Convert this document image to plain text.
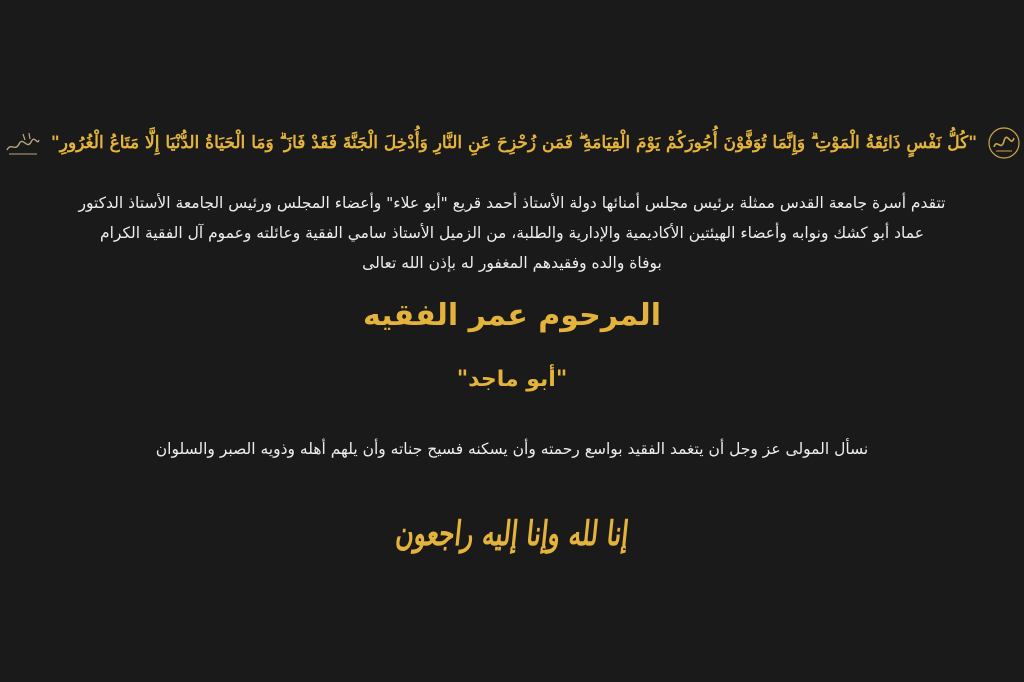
"كُلُّ نَفْسٍ ذَائِقَةُ الْمَوْتِ ۗ وَإِنَّمَا تُوَفَّوْنَ أُجُورَكُمْ يَوْمَ الْقِيَامَةِ ۖ فَمَن زُحْزِحَ عَنِ النَّارِ وَأُدْخِلَ الْجَنَّةَ فَقَدْ فَازَ ۗ وَمَا الْحَيَاةُ الدُّنْيَا إِلَّا مَتَاعُ الْغُرُورِ"
تتقدم أسرة جامعة القدس ممثلة برئيس مجلس أمنائها دولة الأستاذ أحمد قريع "أبو علاء" وأعضاء المجلس ورئيس الجامعة الأستاذ الدكتور
عماد أبو كشك ونوابه وأعضاء الهيئتين الأكاديمية والإدارية والطلبة، من الزميل الأستاذ سامي الفقية وعائلته وعموم آل الفقية الكرام
بوفاة والده وفقيدهم المغفور له بإذن الله تعالى
المرحوم عمر الفقيه
"أبو ماجد"
نسأل المولى عز وجل أن يتغمد الفقيد بواسع رحمته وأن يسكنه فسيح جناته وأن يلهم أهله وذويه الصبر والسلوان
إنا لله وإنا إليه راجعون
